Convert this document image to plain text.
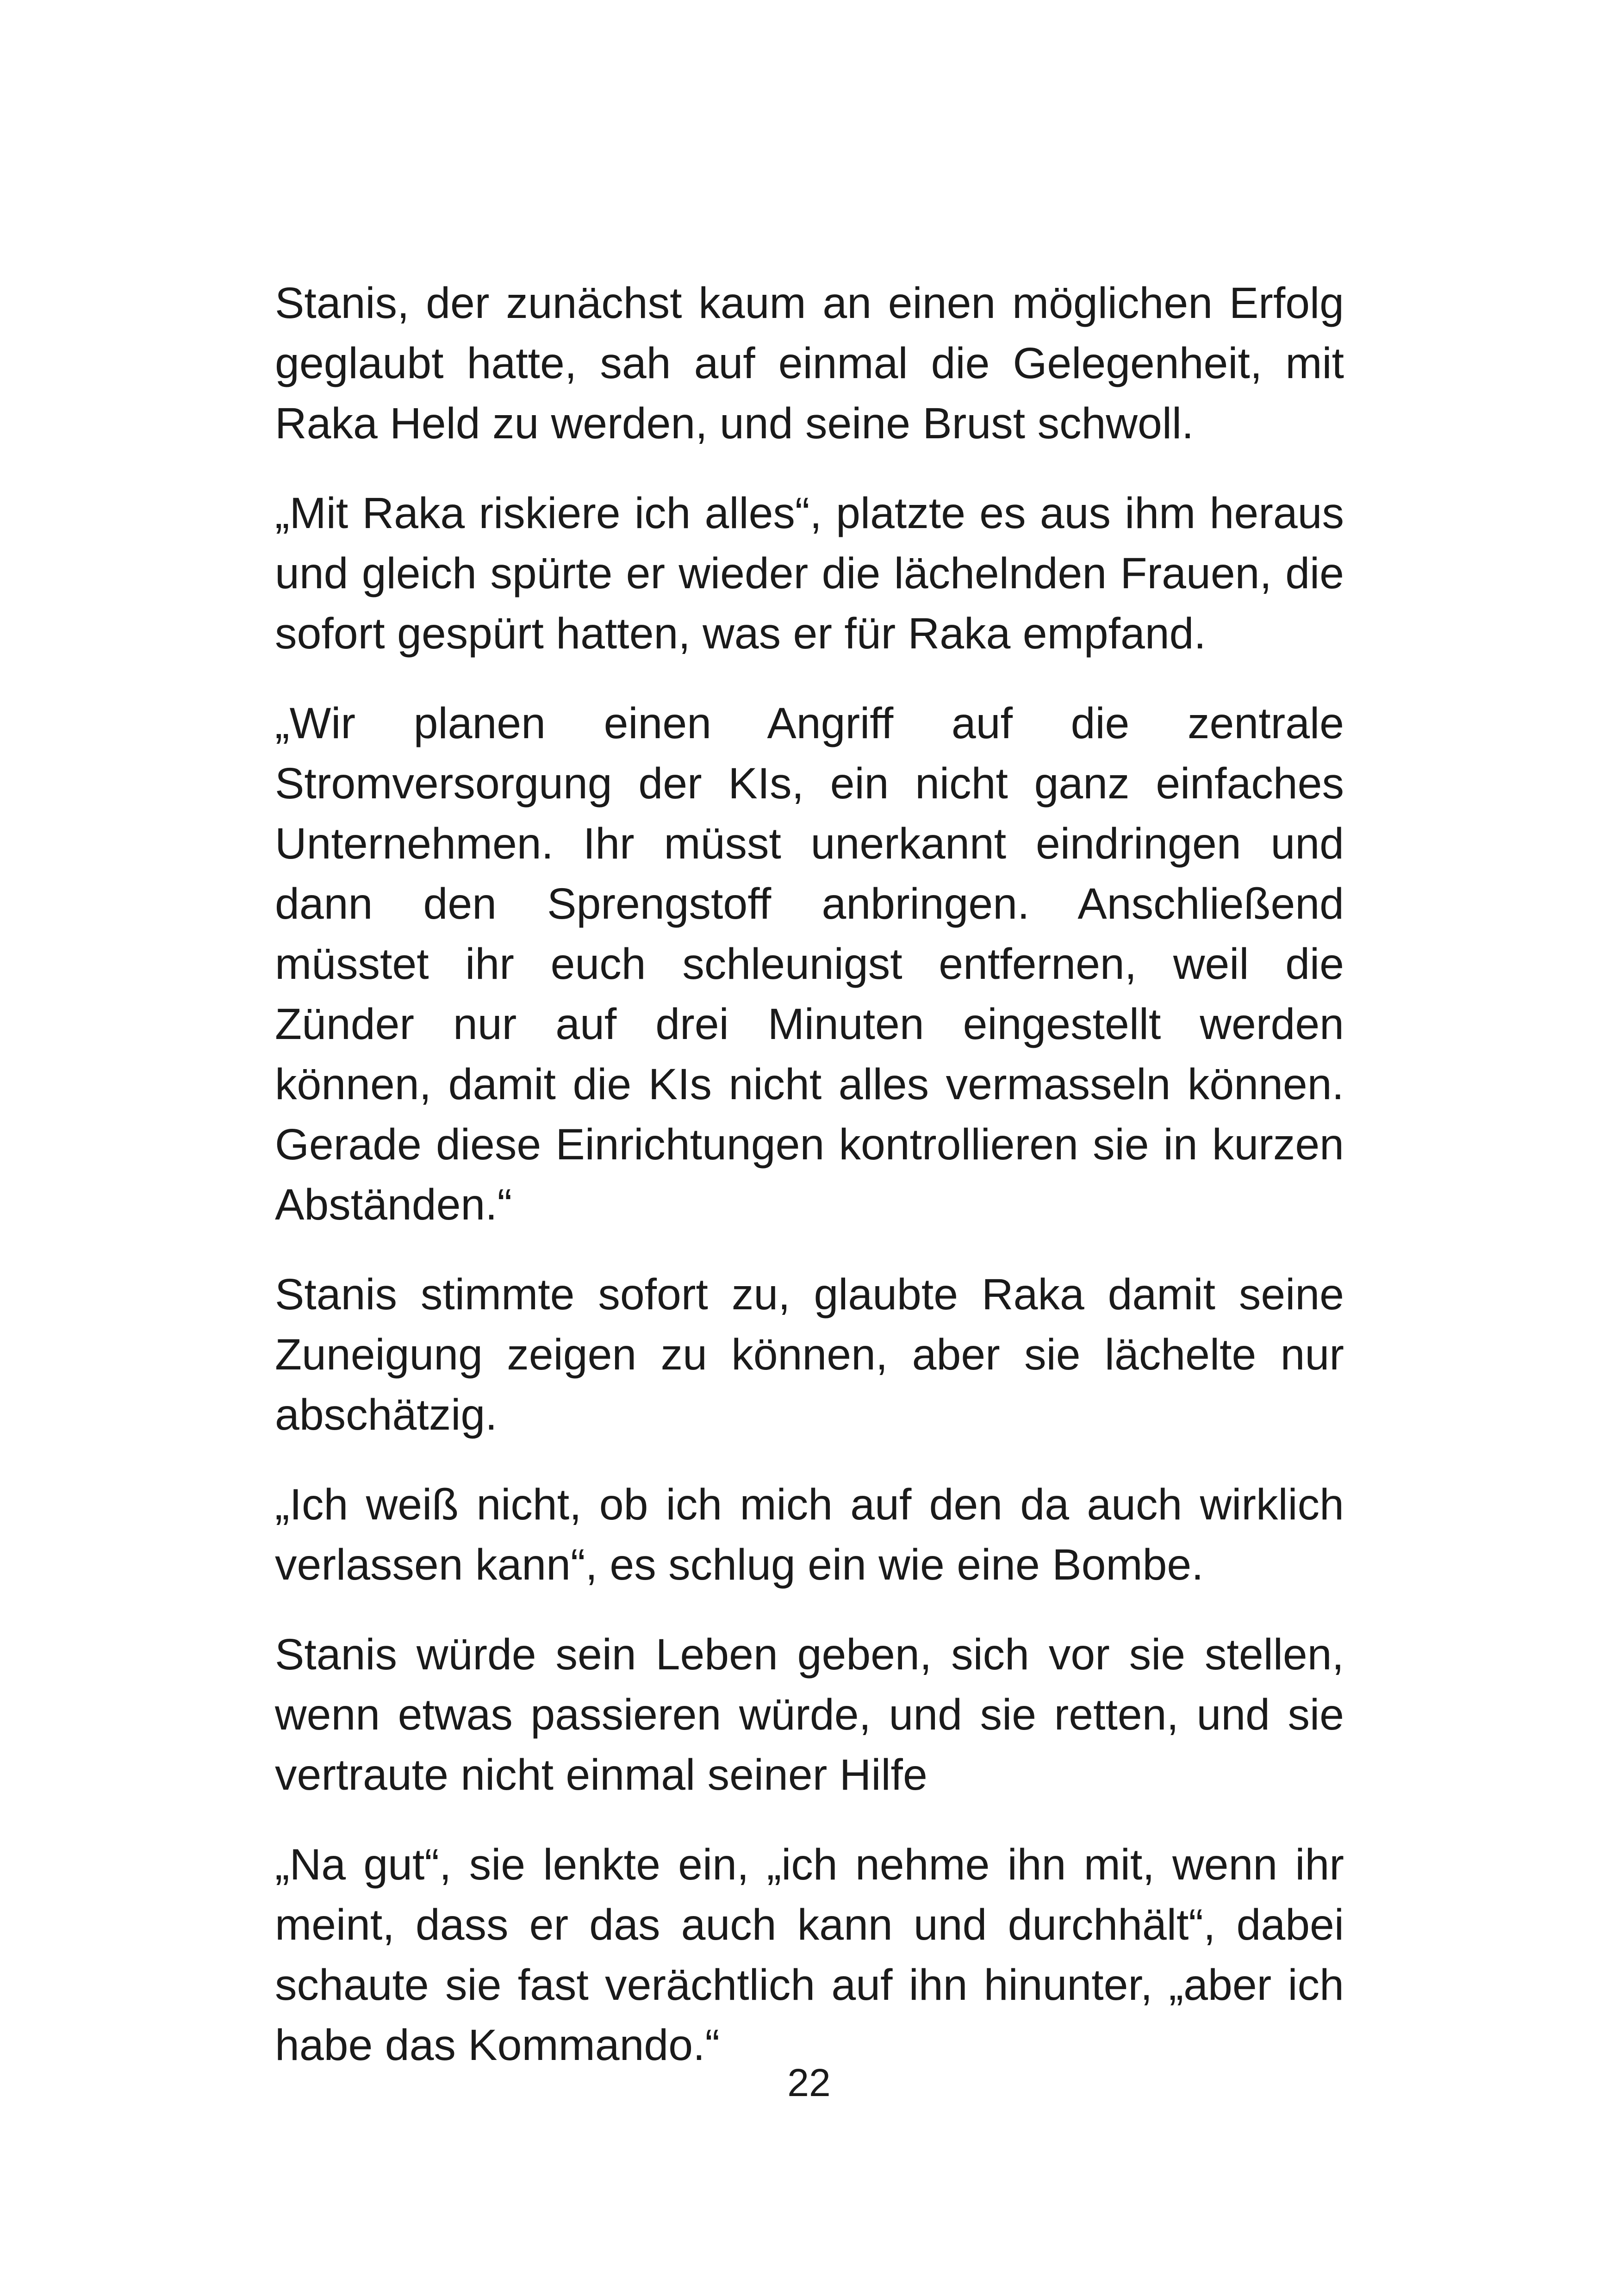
Stanis, der zunächst kaum an einen möglichen Erfolg geglaubt hatte, sah auf einmal die Gelegenheit, mit Raka Held zu werden, und seine Brust schwoll.

„Mit Raka riskiere ich alles“, platzte es aus ihm heraus und gleich spürte er wieder die lächelnden Frauen, die sofort gespürt hatten, was er für Raka empfand.

„Wir planen einen Angriff auf die zentrale Stromversorgung der KIs, ein nicht ganz einfaches Unternehmen. Ihr müsst unerkannt eindringen und dann den Sprengstoff anbringen. Anschließend müsstet ihr euch schleunigst entfernen, weil die Zünder nur auf drei Minuten eingestellt werden können, damit die KIs nicht alles vermasseln können. Gerade diese Einrichtungen kontrollieren sie in kurzen Abständen.“

Stanis stimmte sofort zu, glaubte Raka damit seine Zuneigung zeigen zu können, aber sie lächelte nur abschätzig.

„Ich weiß nicht, ob ich mich auf den da auch wirklich verlassen kann“, es schlug ein wie eine Bombe.

Stanis würde sein Leben geben, sich vor sie stellen, wenn etwas passieren würde, und sie retten, und sie vertraute nicht einmal seiner Hilfe

„Na gut“, sie lenkte ein, „ich nehme ihn mit, wenn ihr meint, dass er das auch kann und durchhält“, dabei schaute sie fast verächtlich auf ihn hinunter, „aber ich habe das Kommando.“

22
